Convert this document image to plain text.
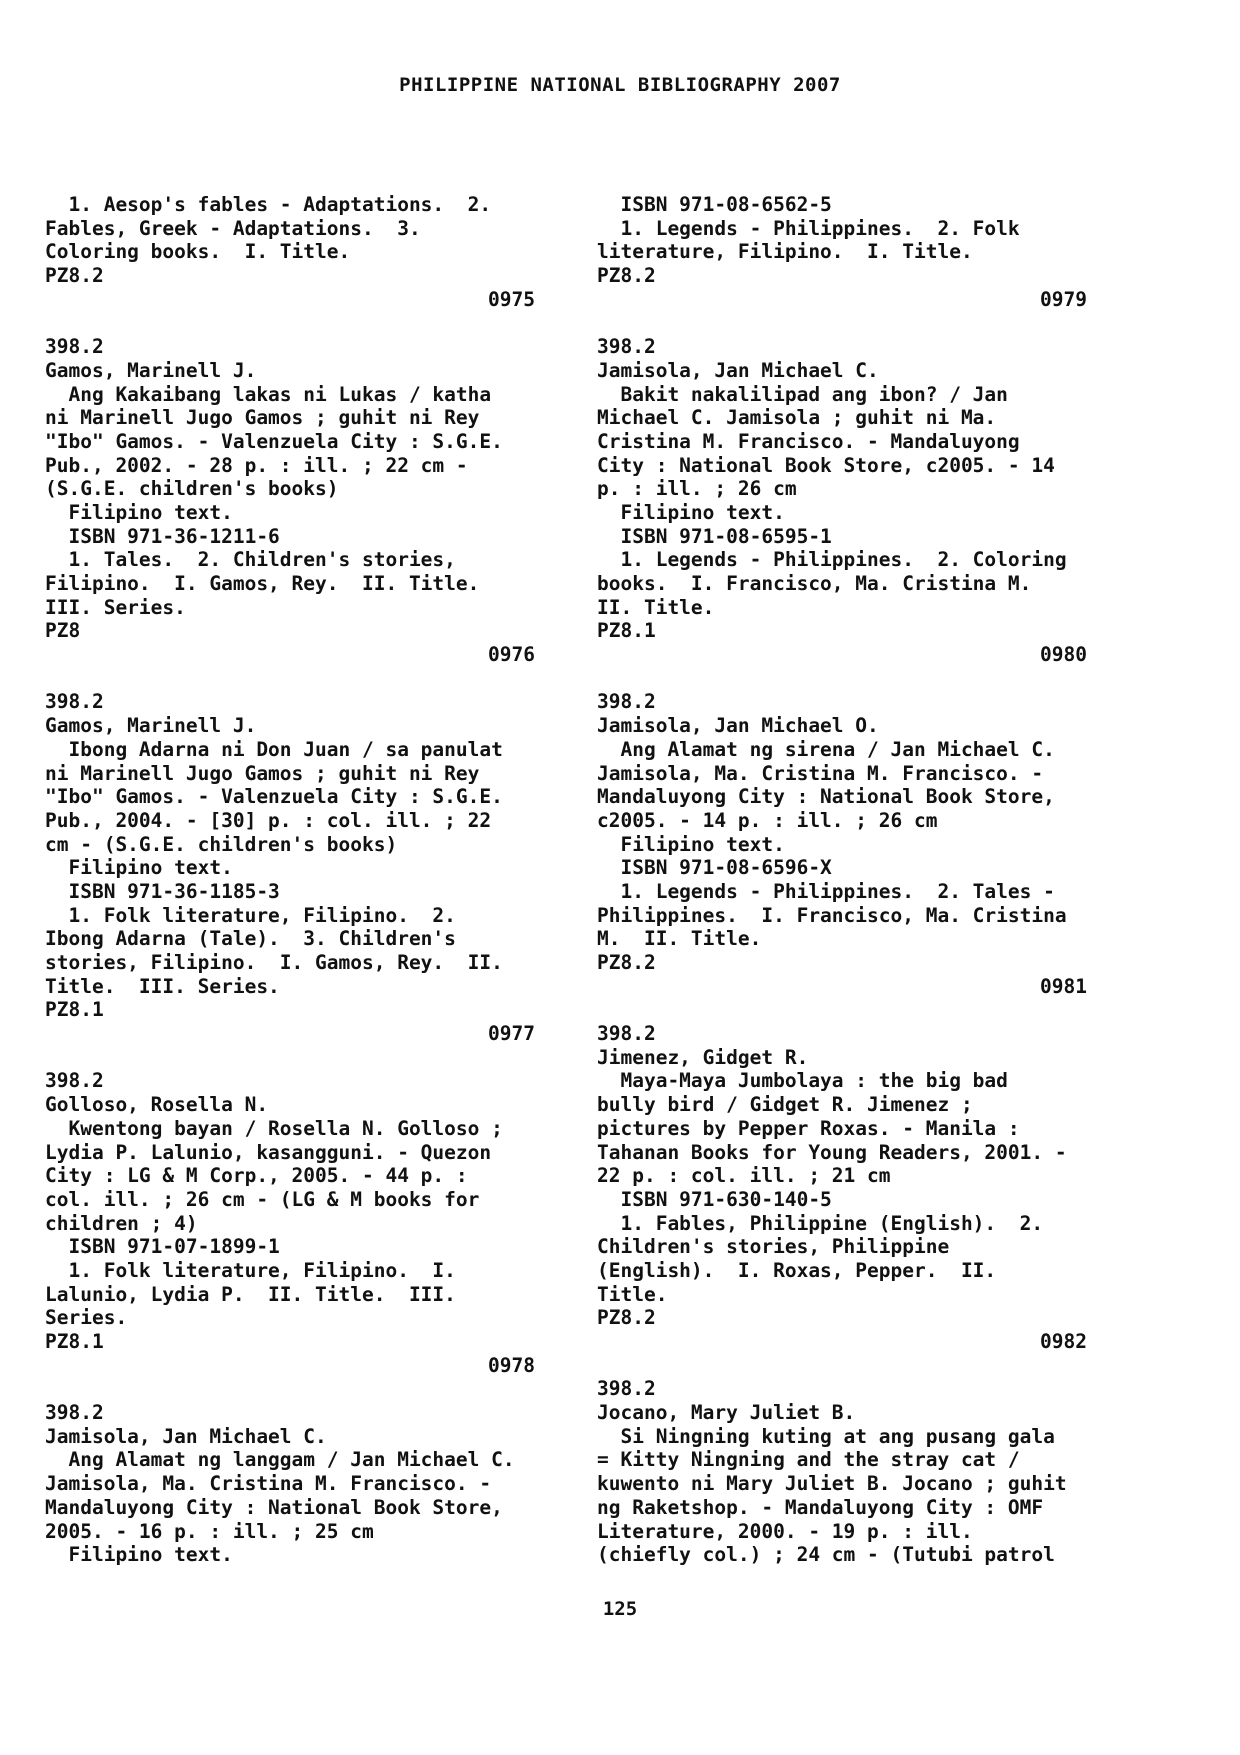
PHILIPPINE NATIONAL BIBLIOGRAPHY 2007
1. Aesop's fables - Adaptations.  2.
Fables, Greek - Adaptations.  3.
Coloring books.  I. Title.
PZ8.2
0975
398.2
Gamos, Marinell J.
Ang Kakaibang lakas ni Lukas / katha
ni Marinell Jugo Gamos ; guhit ni Rey
"Ibo" Gamos. - Valenzuela City : S.G.E.
Pub., 2002. - 28 p. : ill. ; 22 cm -
(S.G.E. children's books)
Filipino text.
ISBN 971-36-1211-6
1. Tales.  2. Children's stories,
Filipino.  I. Gamos, Rey.  II. Title.
III. Series.
PZ8
0976
398.2
Gamos, Marinell J.
Ibong Adarna ni Don Juan / sa panulat
ni Marinell Jugo Gamos ; guhit ni Rey
"Ibo" Gamos. - Valenzuela City : S.G.E.
Pub., 2004. - [30] p. : col. ill. ; 22
cm - (S.G.E. children's books)
Filipino text.
ISBN 971-36-1185-3
1. Folk literature, Filipino.  2.
Ibong Adarna (Tale).  3. Children's
stories, Filipino.  I. Gamos, Rey.  II.
Title.  III. Series.
PZ8.1
0977
398.2
Golloso, Rosella N.
Kwentong bayan / Rosella N. Golloso ;
Lydia P. Lalunio, kasangguni. - Quezon
City : LG & M Corp., 2005. - 44 p. :
col. ill. ; 26 cm - (LG & M books for
children ; 4)
ISBN 971-07-1899-1
1. Folk literature, Filipino.  I.
Lalunio, Lydia P.  II. Title.  III.
Series.
PZ8.1
0978
398.2
Jamisola, Jan Michael C.
Ang Alamat ng langgam / Jan Michael C.
Jamisola, Ma. Cristina M. Francisco. -
Mandaluyong City : National Book Store,
2005. - 16 p. : ill. ; 25 cm
Filipino text.
ISBN 971-08-6562-5
1. Legends - Philippines.  2. Folk
literature, Filipino.  I. Title.
PZ8.2
0979
398.2
Jamisola, Jan Michael C.
Bakit nakalilipad ang ibon? / Jan
Michael C. Jamisola ; guhit ni Ma.
Cristina M. Francisco. - Mandaluyong
City : National Book Store, c2005. - 14
p. : ill. ; 26 cm
Filipino text.
ISBN 971-08-6595-1
1. Legends - Philippines.  2. Coloring
books.  I. Francisco, Ma. Cristina M.
II. Title.
PZ8.1
0980
398.2
Jamisola, Jan Michael O.
Ang Alamat ng sirena / Jan Michael C.
Jamisola, Ma. Cristina M. Francisco. -
Mandaluyong City : National Book Store,
c2005. - 14 p. : ill. ; 26 cm
Filipino text.
ISBN 971-08-6596-X
1. Legends - Philippines.  2. Tales -
Philippines.  I. Francisco, Ma. Cristina
M.  II. Title.
PZ8.2
0981
398.2
Jimenez, Gidget R.
Maya-Maya Jumbolaya : the big bad
bully bird / Gidget R. Jimenez ;
pictures by Pepper Roxas. - Manila :
Tahanan Books for Young Readers, 2001. -
22 p. : col. ill. ; 21 cm
ISBN 971-630-140-5
1. Fables, Philippine (English).  2.
Children's stories, Philippine
(English).  I. Roxas, Pepper.  II.
Title.
PZ8.2
0982
398.2
Jocano, Mary Juliet B.
Si Ningning kuting at ang pusang gala
= Kitty Ningning and the stray cat /
kuwento ni Mary Juliet B. Jocano ; guhit
ng Raketshop. - Mandaluyong City : OMF
Literature, 2000. - 19 p. : ill.
(chiefly col.) ; 24 cm - (Tutubi patrol
125
